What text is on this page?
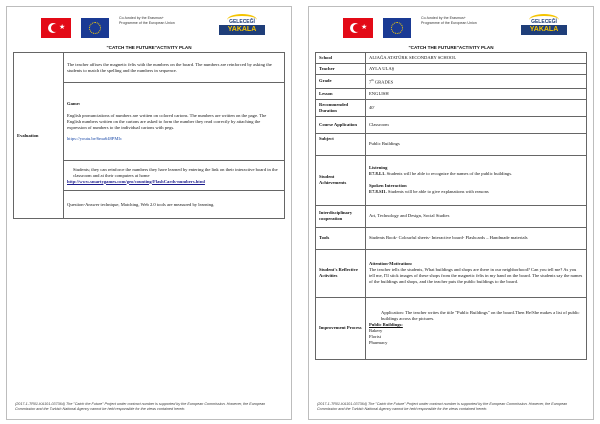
★
Co-funded by the Erasmus+ Programme of the European Union	GELECEĞİ
YAKALA
"CATCH THE FUTURE"ACTIVITY PLAN
Evaluation	The teacher affixes the magnetic felts with the numbers on the board. The numbers are reinforced by asking the students to match the spelling and the numbers in sequence.

Game:
English pronunciations of numbers are written on colored cartons. The numbers are written on the page. The English numbers written on the cartons are asked to form the number they read correctly by attaching the expression of numbers to the individual cartons with pegs.
https://youtu.be/6ma648PMIc

Students; they can reinforce the numbers they have learned by entering the link on their interactive board in the classroom and at their computers at home
http://www.smartygames.com/geo/counting/FlashCards-numbers.html

Question-Answer technique, Matching, Web 2.0 tools are measured by learning.
(2017-1-TR01-KA101-037364) The "Catch the Future" Project under contract number is supported by the European Commission. However, the European Commission and the Turkish National Agency cannot be held responsible for the views contained herein.
★
Co-funded by the Erasmus+ Programme of the European Union	GELECEĞİ
YAKALA
"CATCH THE FUTURE"ACTIVITY PLAN
School	ALIAĞA ATATÜRK SECONDARY SCHOOL
Teacher	AYLA ULAŞ
Grade	7th GRADES
Lesson	ENGLISH
Recommended Duration	40'
Course Application	Classroom
Subject	Public Buildings
Student Achievements	Listening
E7.8.L1. Students will be able to recognize the names of the public buildings.
Spoken Interaction
E7.8.SI1. Students will be able to give explanations with reasons

Interdisciplinary cooperation	Art, Technology and Design, Social Studies
Tools	Students Book- Colourful sheets- Interactive board- Flashcards – Handmade materials
Student's Reflective Activities	Attention-Motivation:
The teacher tells the students, What buildings and shops are there in our neighborhood? Can you tell me? As you tell me, I'll stick images of these shops from the magnetic felts in my hand on the board. The students say the names of the buildings and shops, and the teacher puts the public buildings to the board.

Improvement Process	Application: The teacher writes the title "Public Buildings" on the board.Then He/She makes a list of public buildings across the pictures.
Public Buildings:
Bakery
Florist
Pharmacy
(2017-1-TR01-KA101-037364) The "Catch the Future" Project under contract number is supported by the European Commission. However, the European Commission and the Turkish National Agency cannot be held responsible for the views contained herein.
